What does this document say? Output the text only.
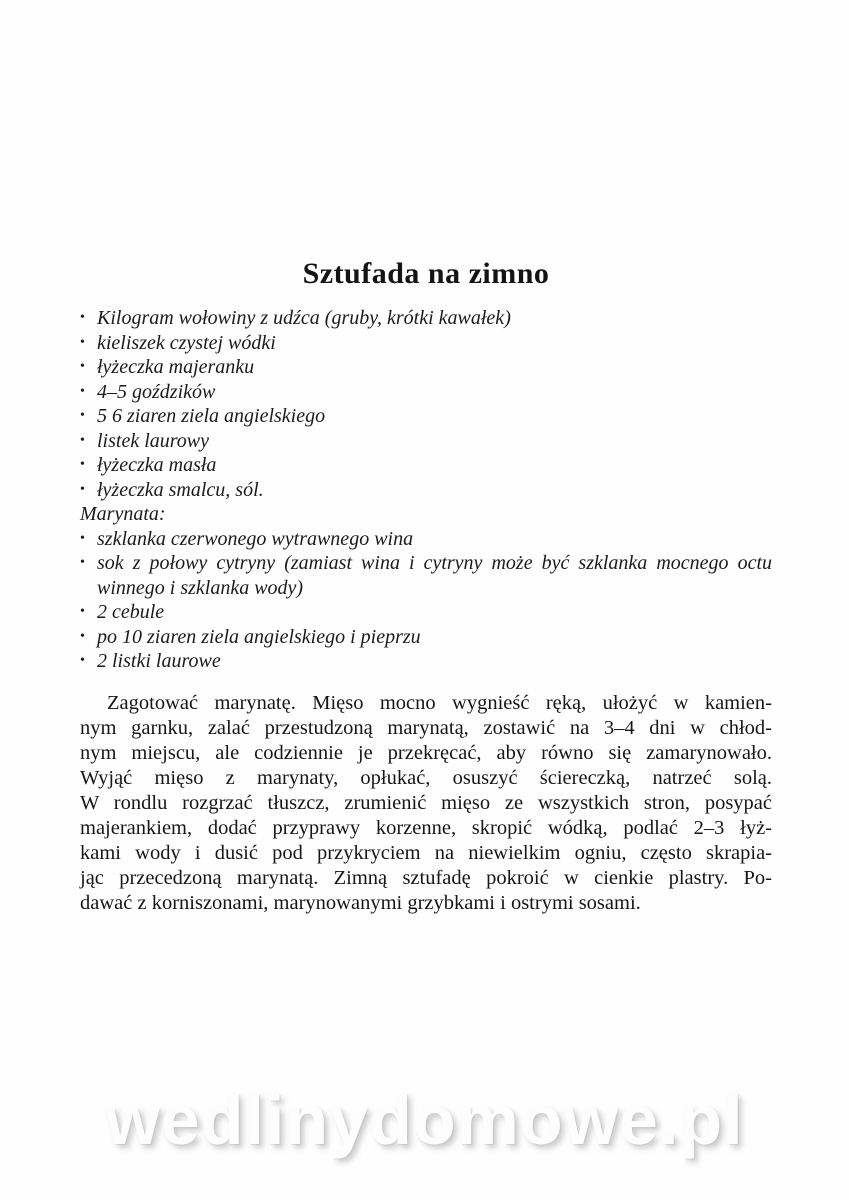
Sztufada na zimno
• Kilogram wołowiny z udźca (gruby, krótki kawałek)
• kieliszek czystej wódki
• łyżeczka majeranku
• 4–5 goździków
• 5 6 ziaren ziela angielskiego
• listek laurowy
• łyżeczka masła
• łyżeczka smalcu, sól.

Marynata:

• szklanka czerwonego wytrawnego wina
• sok z połowy cytryny (zamiast wina i cytryny może być szklanka mocnego octu winnego i szklanka wody)
• 2 cebule
• po 10 ziaren ziela angielskiego i pieprzu
• 2 listki laurowe
Zagotować marynatę. Mięso mocno wygnieść ręką, ułożyć w kamien-
nym garnku, zalać przestudzoną marynatą, zostawić na 3–4 dni w chłod-
nym miejscu, ale codziennie je przekręcać, aby równo się zamarynowało.
Wyjąć mięso z marynaty, opłukać, osuszyć ściereczką, natrzeć solą.
W rondlu rozgrzać tłuszcz, zrumienić mięso ze wszystkich stron, posypać
majerankiem, dodać przyprawy korzenne, skropić wódką, podlać 2–3 łyż-
kami wody i dusić pod przykryciem na niewielkim ogniu, często skrapia-
jąc przecedzoną marynatą. Zimną sztufadę pokroić w cienkie plastry. Po-
dawać z korniszonami, marynowanymi grzybkami i ostrymi sosami.
wedlinydomowe.pl
